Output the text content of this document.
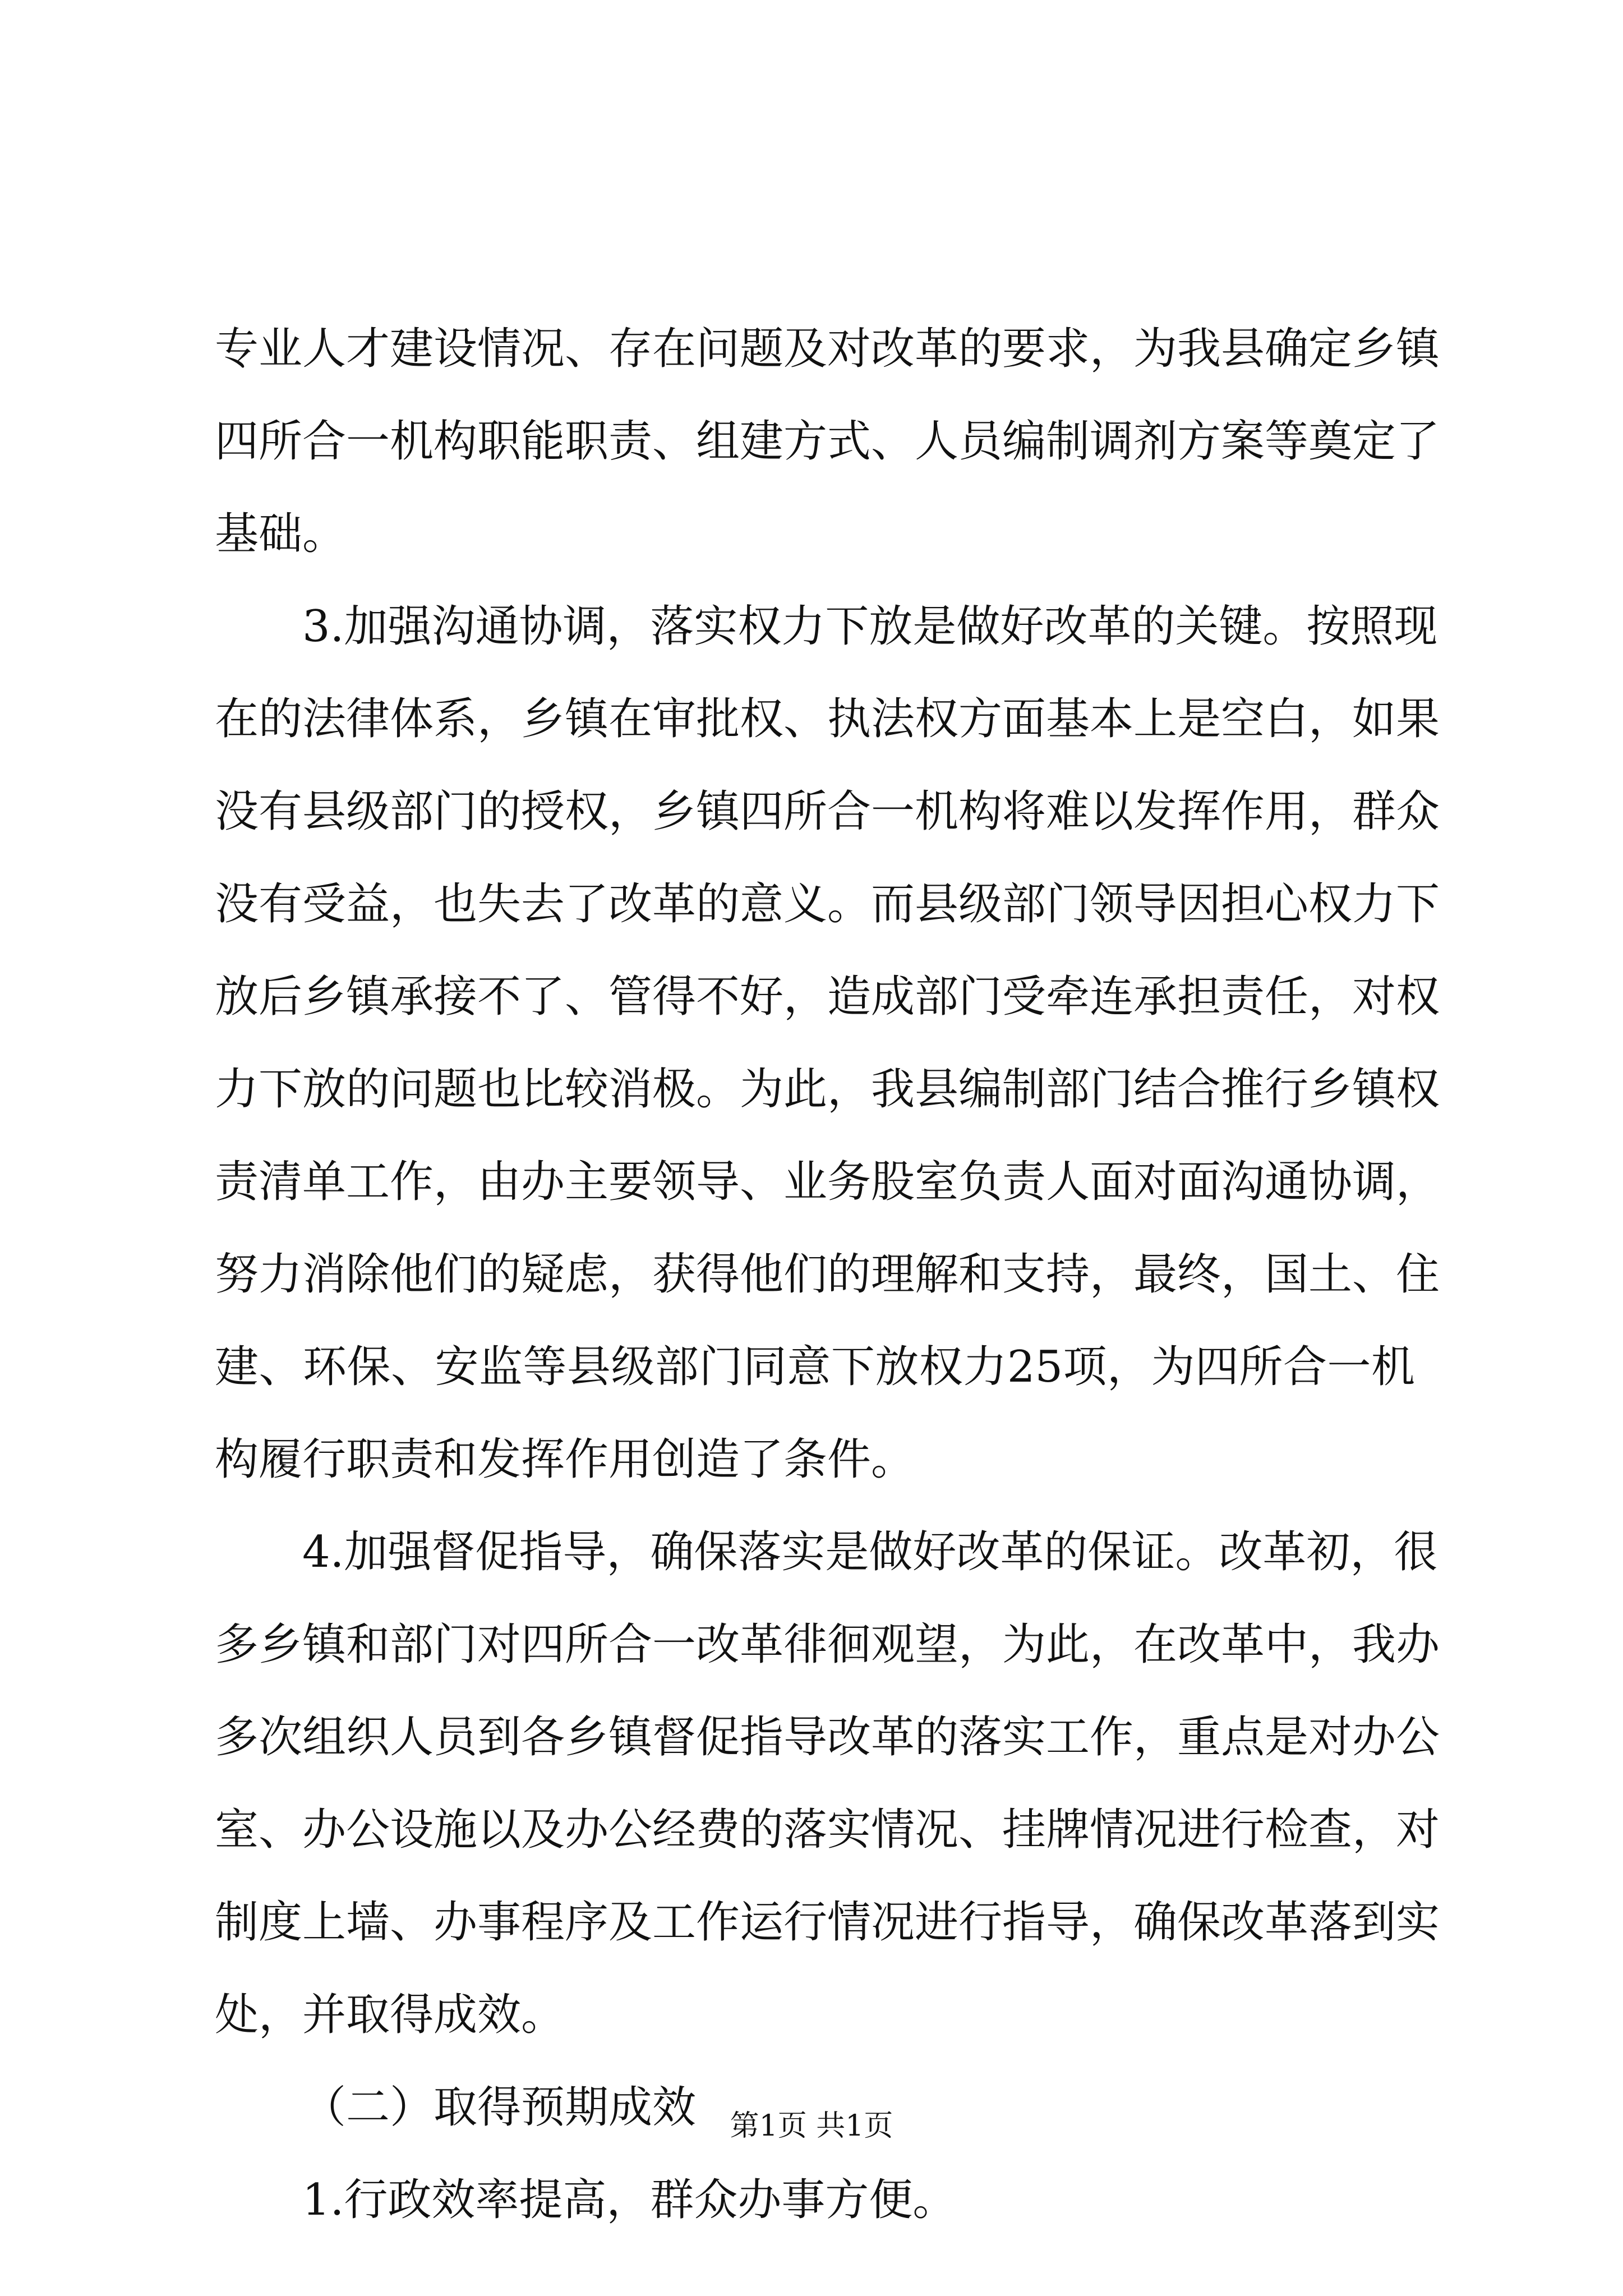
专业人才建设情况、存在问题及对改革的要求，为我县确定乡镇
四所合一机构职能职责、组建方式、人员编制调剂方案等奠定了
基础。
3.加强沟通协调，落实权力下放是做好改革的关键。按照现
在的法律体系，乡镇在审批权、执法权方面基本上是空白，如果
没有县级部门的授权，乡镇四所合一机构将难以发挥作用，群众
没有受益，也失去了改革的意义。而县级部门领导因担心权力下
放后乡镇承接不了、管得不好，造成部门受牵连承担责任，对权
力下放的问题也比较消极。为此，我县编制部门结合推行乡镇权
责清单工作，由办主要领导、业务股室负责人面对面沟通协调，
努力消除他们的疑虑，获得他们的理解和支持，最终，国土、住
建、环保、安监等县级部门同意下放权力25项，为四所合一机
构履行职责和发挥作用创造了条件。
4.加强督促指导，确保落实是做好改革的保证。改革初，很
多乡镇和部门对四所合一改革徘徊观望，为此，在改革中，我办
多次组织人员到各乡镇督促指导改革的落实工作，重点是对办公
室、办公设施以及办公经费的落实情况、挂牌情况进行检查，对
制度上墙、办事程序及工作运行情况进行指导，确保改革落到实
处，并取得成效。
（二）取得预期成效
1.行政效率提高，群众办事方便。
第1页 共1页
